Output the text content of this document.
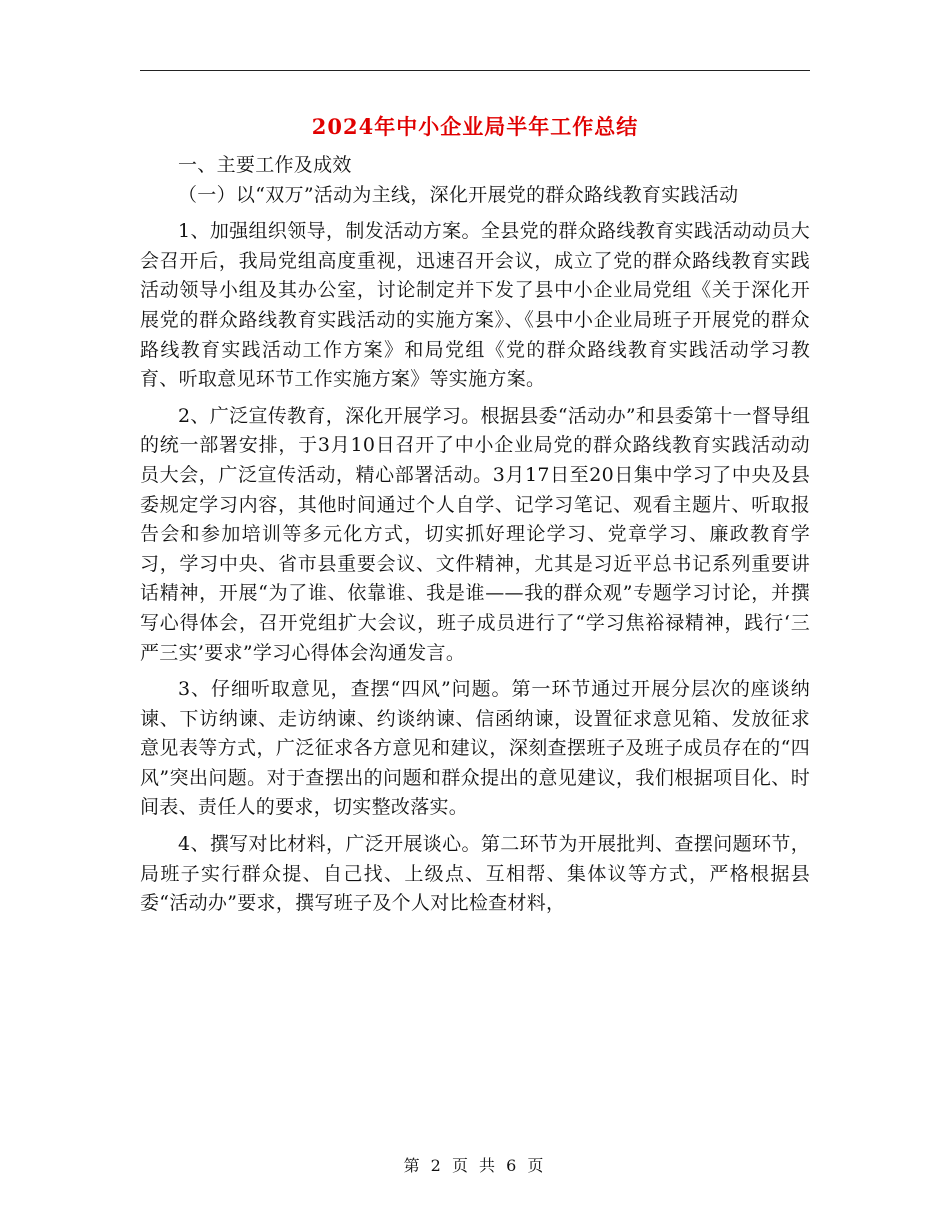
2024年中小企业局半年工作总结

一、主要工作及成效

（一）以“双万”活动为主线，深化开展党的群众路线教育实践活动

1、加强组织领导，制发活动方案。全县党的群众路线教育实践活动动员大会召开后，我局党组高度重视，迅速召开会议，成立了党的群众路线教育实践活动领导小组及其办公室，讨论制定并下发了县中小企业局党组《关于深化开展党的群众路线教育实践活动的实施方案》、《县中小企业局班子开展党的群众路线教育实践活动工作方案》和局党组《党的群众路线教育实践活动学习教育、听取意见环节工作实施方案》等实施方案。

2、广泛宣传教育，深化开展学习。根据县委“活动办”和县委第十一督导组的统一部署安排，于3月10日召开了中小企业局党的群众路线教育实践活动动员大会，广泛宣传活动，精心部署活动。3月17日至20日集中学习了中央及县委规定学习内容，其他时间通过个人自学、记学习笔记、观看主题片、听取报告会和参加培训等多元化方式，切实抓好理论学习、党章学习、廉政教育学习，学习中央、省市县重要会议、文件精神，尤其是习近平总书记系列重要讲话精神，开展“为了谁、依靠谁、我是谁——我的群众观”专题学习讨论，并撰写心得体会，召开党组扩大会议，班子成员进行了“学习焦裕禄精神，践行‘三严三实’要求”学习心得体会沟通发言。

3、仔细听取意见，查摆“四风”问题。第一环节通过开展分层次的座谈纳谏、下访纳谏、走访纳谏、约谈纳谏、信函纳谏，设置征求意见箱、发放征求意见表等方式，广泛征求各方意见和建议，深刻查摆班子及班子成员存在的“四风”突出问题。对于查摆出的问题和群众提出的意见建议，我们根据项目化、时间表、责任人的要求，切实整改落实。

4、撰写对比材料，广泛开展谈心。第二环节为开展批判、查摆问题环节，局班子实行群众提、自己找、上级点、互相帮、集体议等方式，严格根据县委“活动办”要求，撰写班子及个人对比检查材料，

第 2 页 共 6 页
